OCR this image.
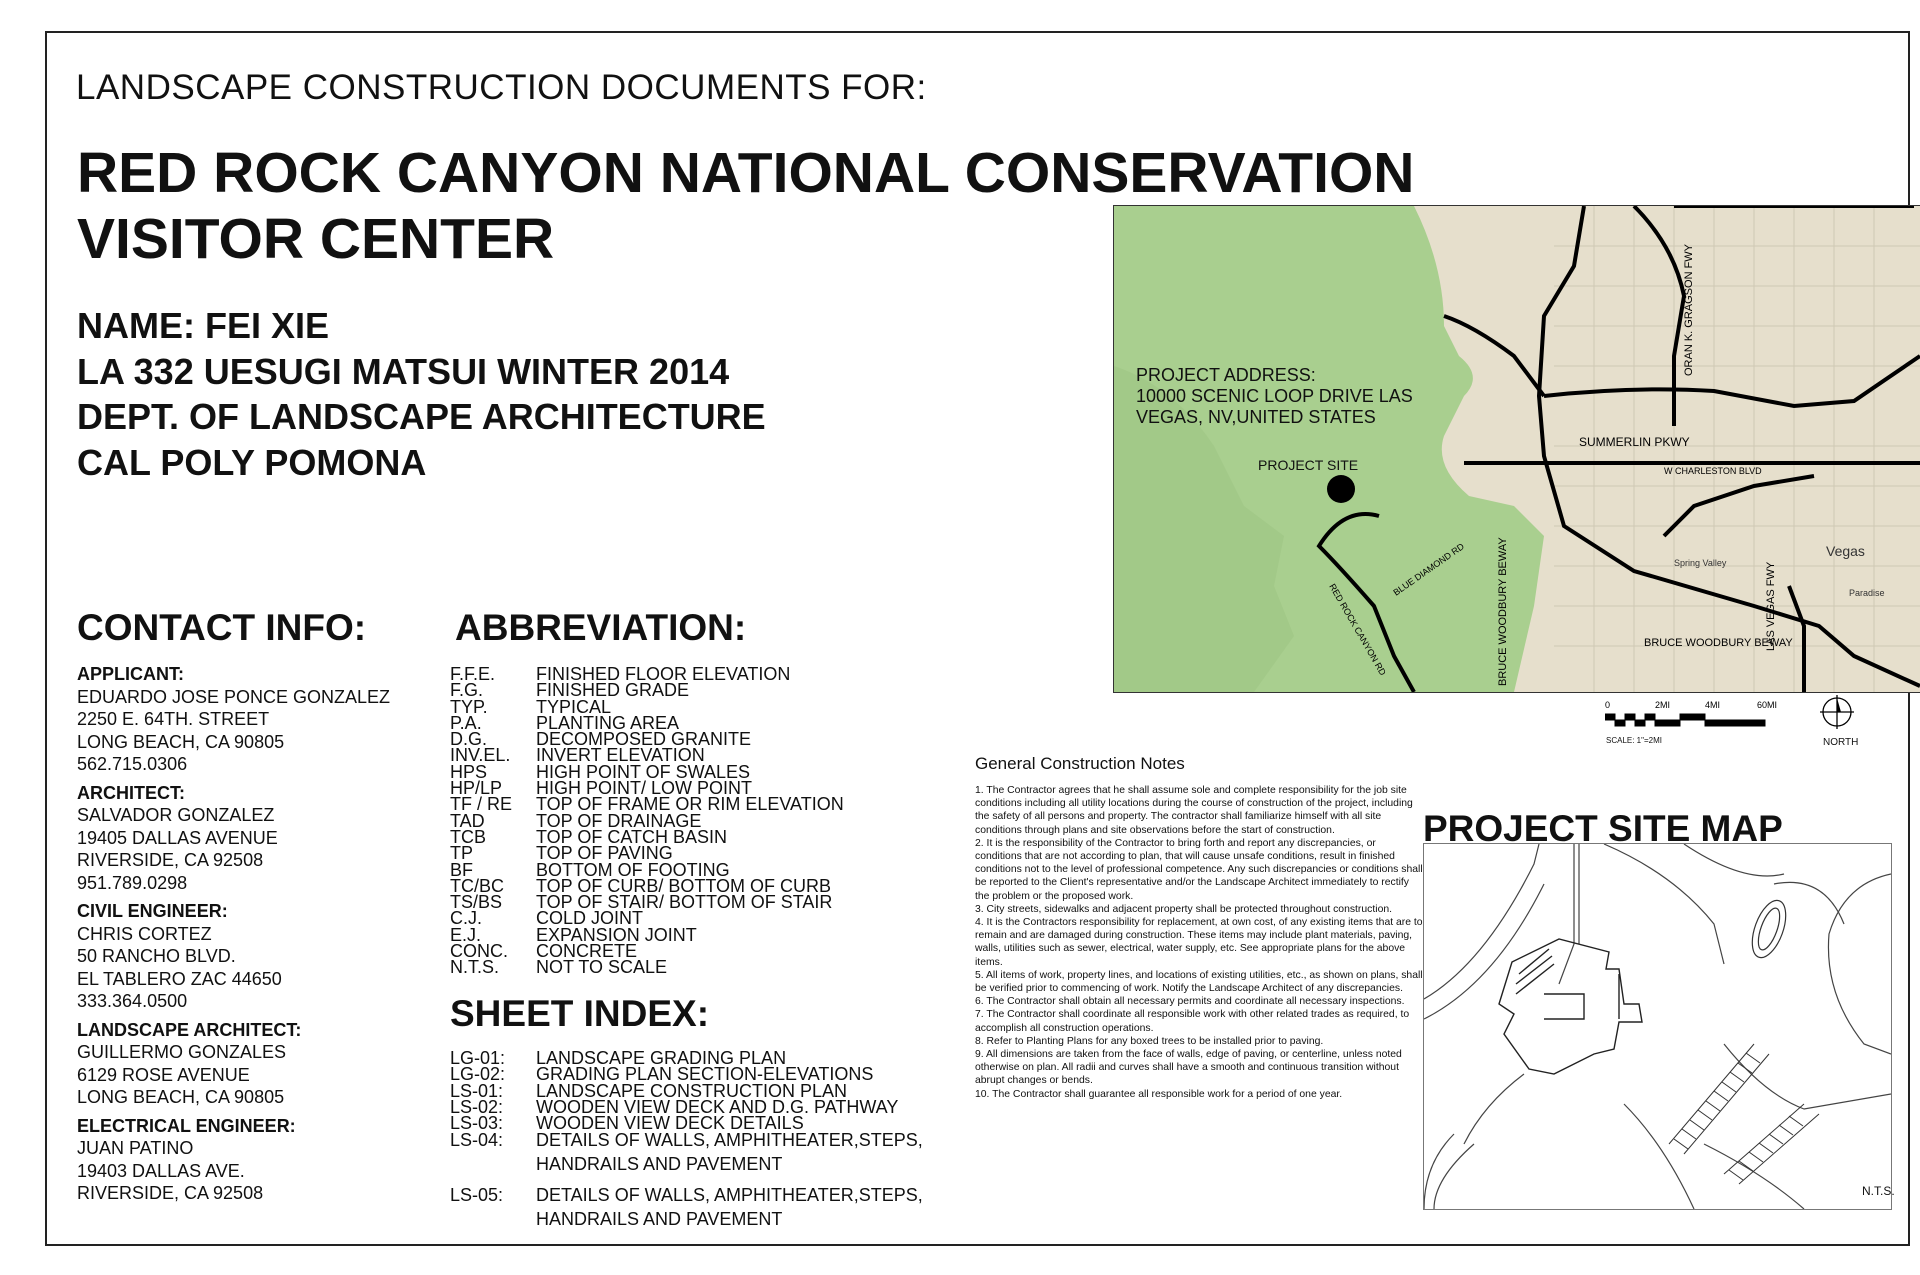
LANDSCAPE CONSTRUCTION DOCUMENTS FOR:
RED ROCK CANYON NATIONAL CONSERVATION
VISITOR CENTER
NAME: FEI XIE
LA 332 UESUGI MATSUI WINTER 2014
DEPT. OF LANDSCAPE ARCHITECTURE
CAL POLY POMONA
CONTACT INFO:
APPLICANT:
EDUARDO JOSE PONCE GONZALEZ
2250 E. 64TH. STREET
LONG BEACH, CA 90805
562.715.0306
ARCHITECT:
SALVADOR GONZALEZ
19405 DALLAS AVENUE
RIVERSIDE, CA 92508
951.789.0298
CIVIL ENGINEER:
CHRIS CORTEZ
50 RANCHO BLVD.
EL TABLERO ZAC 44650
333.364.0500
LANDSCAPE ARCHITECT:
GUILLERMO GONZALES
6129 ROSE AVENUE
LONG BEACH, CA 90805
ELECTRICAL ENGINEER:
JUAN PATINO
19403 DALLAS AVE.
RIVERSIDE, CA 92508
ABBREVIATION:
F.F.E.	FINISHED FLOOR ELEVATION
F.G.	FINISHED GRADE
TYP.	TYPICAL
P.A.	PLANTING AREA
D.G.	DECOMPOSED GRANITE
INV.EL.	INVERT ELEVATION
HPS	HIGH POINT OF SWALES
HP/LP	HIGH POINT/ LOW POINT
TF / RE	TOP OF FRAME OR RIM ELEVATION
TAD	TOP OF DRAINAGE
TCB	TOP OF CATCH BASIN
TP	TOP OF PAVING
BF	BOTTOM OF FOOTING
TC/BC	TOP OF CURB/ BOTTOM OF CURB
TS/BS	TOP OF STAIR/ BOTTOM OF STAIR
C.J.	COLD JOINT
E.J.	EXPANSION JOINT
CONC.	CONCRETE
N.T.S.	NOT TO SCALE
SHEET INDEX:
LG-01:	LANDSCAPE GRADING PLAN
LG-02:	GRADING PLAN SECTION-ELEVATIONS
LS-01:	LANDSCAPE CONSTRUCTION PLAN
LS-02:	WOODEN VIEW DECK AND D.G. PATHWAY
LS-03:	WOODEN VIEW DECK DETAILS
LS-04:	DETAILS OF WALLS, AMPHITHEATER,STEPS, HANDRAILS AND PAVEMENT
LS-05:	DETAILS OF WALLS, AMPHITHEATER,STEPS, HANDRAILS AND PAVEMENT
General Construction Notes

1. The Contractor agrees that he shall assume sole and complete responsibility for the job site conditions including all utility locations during the course of construction of the project, including the safety of all persons and property. The contractor shall familiarize himself with all site conditions through plans and site observations before the start of construction.

2. It is the responsibility of the Contractor to bring forth and report any discrepancies, or conditions that are not according to plan, that will cause unsafe conditions, result in finished conditions not to the level of professional competence. Any such discrepancies or conditions shall be reported to the Client's representative and/or the Landscape Architect immediately to rectify the problem or the proposed work.

3. City streets, sidewalks and adjacent property shall be protected throughout construction.

4. It is the Contractors responsibility for replacement, at own cost, of any existing items that are to remain and are damaged during construction. These items may include plant materials, paving, walls, utilities such as sewer, electrical, water supply, etc. See appropriate plans for the above items.

5. All items of work, property lines, and locations of existing utilities, etc., as shown on plans, shall be verified prior to commencing of work. Notify the Landscape Architect of any discrepancies.

6. The Contractor shall obtain all necessary permits and coordinate all necessary inspections.

7. The Contractor shall coordinate all responsible work with other related trades as required, to accomplish all construction operations.

8. Refer to Planting Plans for any boxed trees to be installed prior to paving.

9. All dimensions are taken from the face of walls, edge of paving, or centerline, unless noted otherwise on plan. All radii and curves shall have a smooth and continuous transition without abrupt changes or bends.

10. The Contractor shall guarantee all responsible work for a period of one year.

BRUCE WOODBURY BEWAY
ORAN K. GRAGSON FWY
SUMMERLIN PKWY
W CHARLESTON BLVD
BLUE DIAMOND RD
RED ROCK CANYON RD	LAS VEGAS FWY
BRUCE WOODBURY BEWAY
Vegas
Paradise
Spring Valley
PROJECT ADDRESS:
10000 SCENIC LOOP DRIVE LAS
VEGAS, NV,UNITED STATES
PROJECT SITE
0	2MI	4MI	60MI
SCALE: 1"=2MI	NORTH
PROJECT SITE MAP
N.T.S.
